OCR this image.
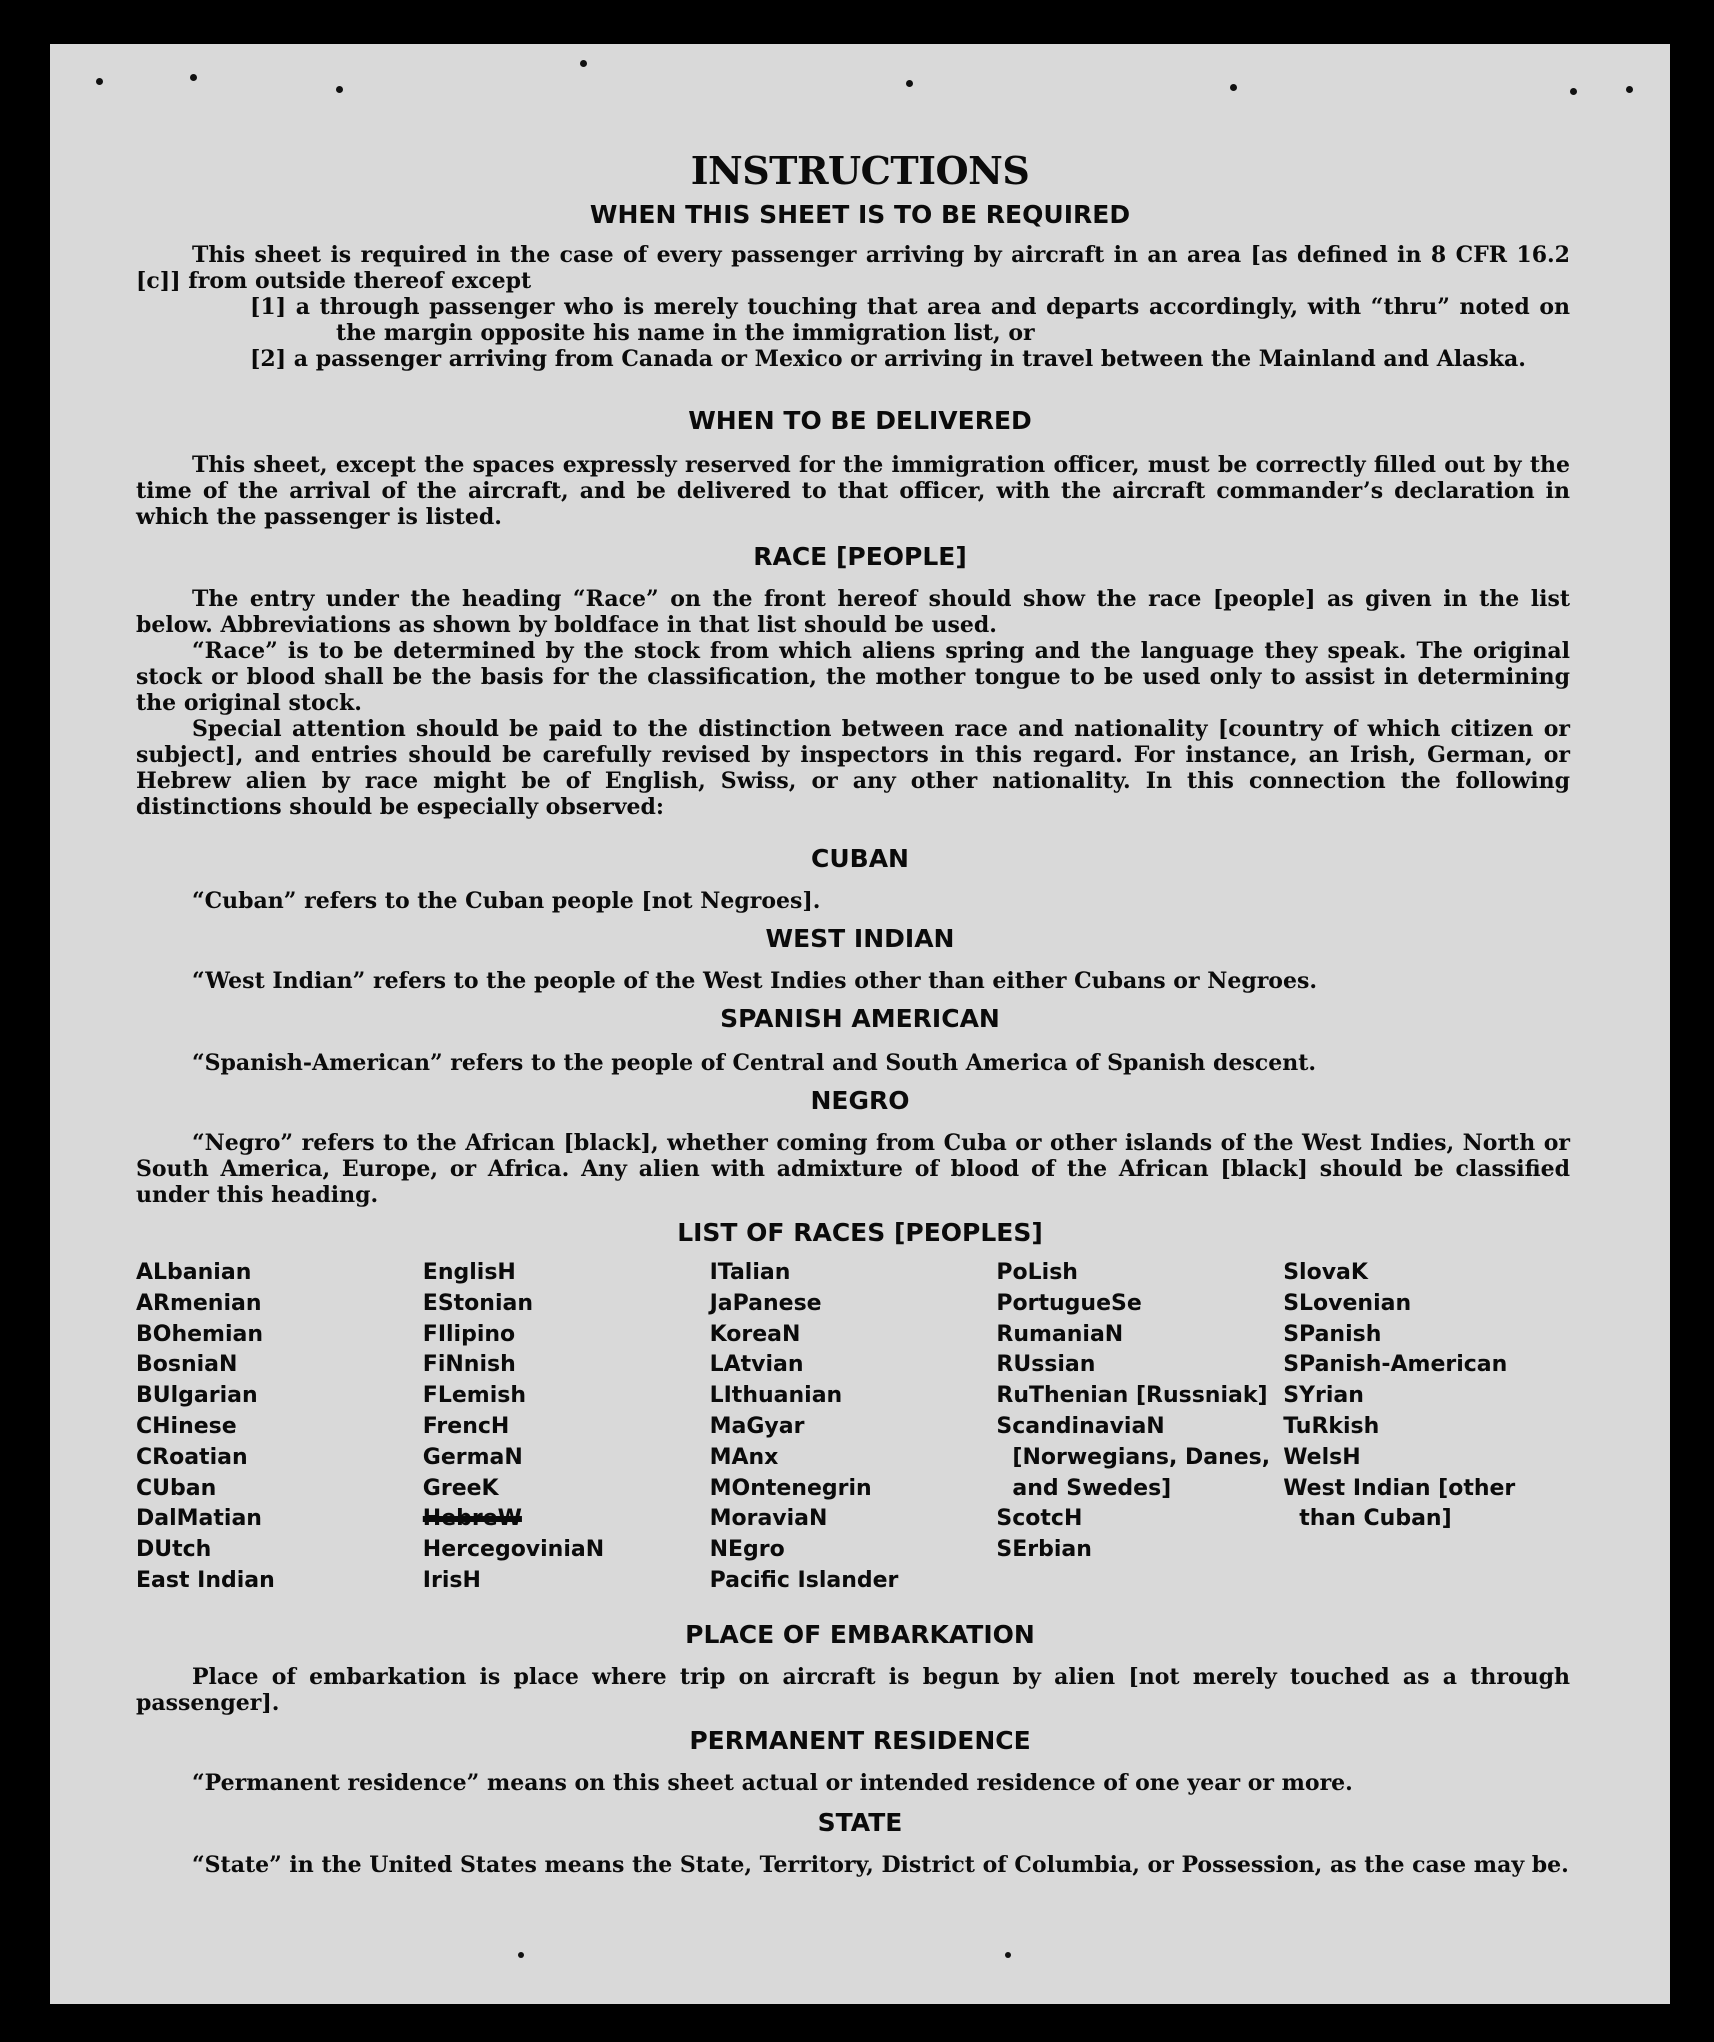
INSTRUCTIONS
WHEN THIS SHEET IS TO BE REQUIRED

This sheet is required in the case of every passenger arriving by aircraft in an area [as defined in 8 CFR 16.2 [c]] from outside thereof except

[1] a through passenger who is merely touching that area and departs accordingly, with “thru” noted on the margin opposite his name in the immigration list, or
[2] a passenger arriving from Canada or Mexico or arriving in travel between the Mainland and Alaska.
WHEN TO BE DELIVERED

This sheet, except the spaces expressly reserved for the immigration officer, must be correctly filled out by the time of the arrival of the aircraft, and be delivered to that officer, with the aircraft commander’s declaration in which the passenger is listed.

RACE [PEOPLE]

The entry under the heading “Race” on the front hereof should show the race [people] as given in the list below. Abbreviations as shown by boldface in that list should be used.

“Race” is to be determined by the stock from which aliens spring and the language they speak. The original stock or blood shall be the basis for the classification, the mother tongue to be used only to assist in determining the original stock.

Special attention should be paid to the distinction between race and nationality [country of which citizen or subject], and entries should be carefully revised by inspectors in this regard. For instance, an Irish, German, or Hebrew alien by race might be of English, Swiss, or any other nationality. In this connection the following distinctions should be especially observed:

CUBAN

“Cuban” refers to the Cuban people [not Negroes].

WEST INDIAN

“West Indian” refers to the people of the West Indies other than either Cubans or Negroes.

SPANISH AMERICAN

“Spanish-American” refers to the people of Central and South America of Spanish descent.

NEGRO

“Negro” refers to the African [black], whether coming from Cuba or other islands of the West Indies, North or South America, Europe, or Africa. Any alien with admixture of blood of the African [black] should be classified under this heading.

LIST OF RACES [PEOPLES]
ALbanian
ARmenian
BOhemian
BosniaN
BUlgarian
CHinese
CRoatian
CUban
DalMatian
DUtch
East Indian
EnglisH
EStonian
FIlipino
FiNnish
FLemish
FrencH
GermaN
GreeK
HebreW
HercegoviniaN
IrisH
ITalian
JaPanese
KoreaN
LAtvian
LIthuanian
MaGyar
MAnx
MOntenegrin
MoraviaN
NEgro
Pacific Islander
PoLish
PortugueSe
RumaniaN
RUssian
RuThenian [Russniak]
ScandinaviaN [Norwegians, Danes, and Swedes]
ScotcH
SErbian
SlovaK
SLovenian
SPanish
SPanish-American
SYrian
TuRkish
WelsH
West Indian [other than Cuban]
PLACE OF EMBARKATION

Place of embarkation is place where trip on aircraft is begun by alien [not merely touched as a through passenger].

PERMANENT RESIDENCE

“Permanent residence” means on this sheet actual or intended residence of one year or more.

STATE

“State” in the United States means the State, Territory, District of Columbia, or Possession, as the case may be.
